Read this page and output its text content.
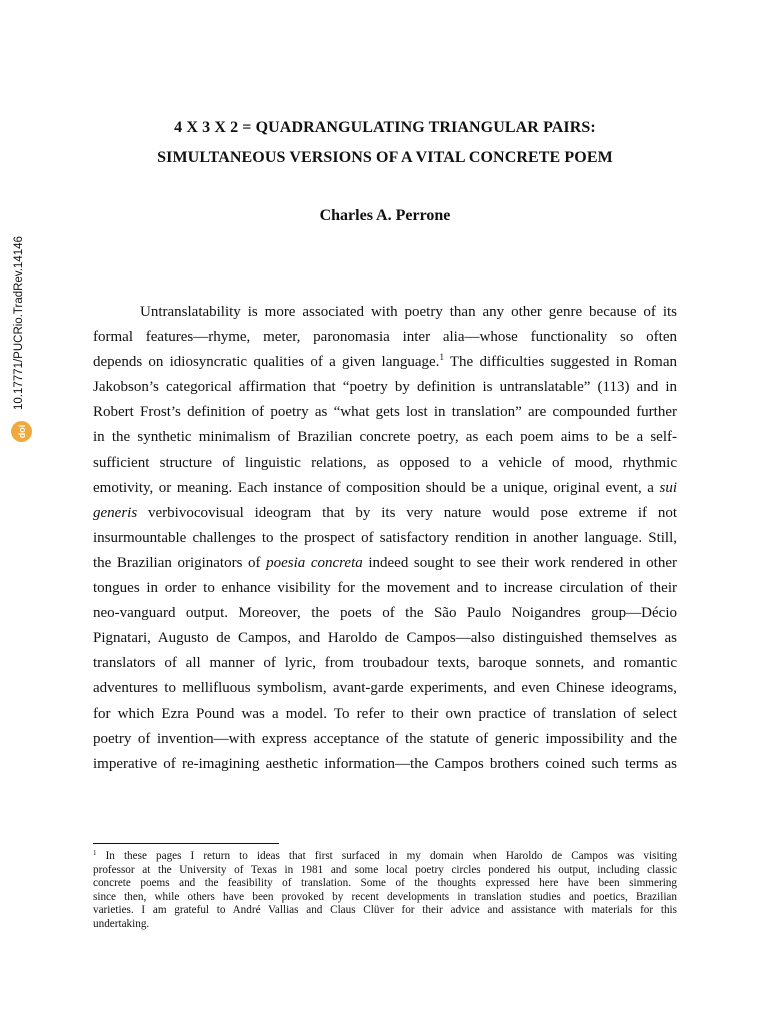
10.17771/PUCRio.TradRev.14146
doi
4 X 3 X 2 = QUADRANGULATING TRIANGULAR PAIRS:
SIMULTANEOUS VERSIONS OF A VITAL CONCRETE POEM
Charles A. Perrone
Untranslatability is more associated with poetry than any other genre because of its
formal features—rhyme, meter, paronomasia inter alia—whose functionality so often
depends on idiosyncratic qualities of a given language.$^1$ The difficulties suggested in Roman
Jakobson’s categorical affirmation that “poetry by definition is untranslatable” (113) and in
Robert Frost’s definition of poetry as “what gets lost in translation” are compounded further
in the synthetic minimalism of Brazilian concrete poetry, as each poem aims to be a self-
sufficient structure of linguistic relations, as opposed to a vehicle of mood, rhythmic
emotivity, or meaning. Each instance of composition should be a unique, original event, a sui
generis verbivocovisual ideogram that by its very nature would pose extreme if not
insurmountable challenges to the prospect of satisfactory rendition in another language. Still,
the Brazilian originators of poesia concreta indeed sought to see their work rendered in other
tongues in order to enhance visibility for the movement and to increase circulation of their
neo-vanguard output. Moreover, the poets of the São Paulo Noigandres group—Décio
Pignatari, Augusto de Campos, and Haroldo de Campos—also distinguished themselves as
translators of all manner of lyric, from troubadour texts, baroque sonnets, and romantic
adventures to mellifluous symbolism, avant-garde experiments, and even Chinese ideograms,
for which Ezra Pound was a model. To refer to their own practice of translation of select
poetry of invention—with express acceptance of the statute of generic impossibility and the
imperative of re-imagining aesthetic information—the Campos brothers coined such terms as
$^1$ In these pages I return to ideas that first surfaced in my domain when Haroldo de Campos was visiting
professor at the University of Texas in 1981 and some local poetry circles pondered his output, including classic
concrete poems and the feasibility of translation. Some of the thoughts expressed here have been simmering
since then, while others have been provoked by recent developments in translation studies and poetics, Brazilian
varieties. I am grateful to André Vallias and Claus Clüver for their advice and assistance with materials for this
undertaking.
